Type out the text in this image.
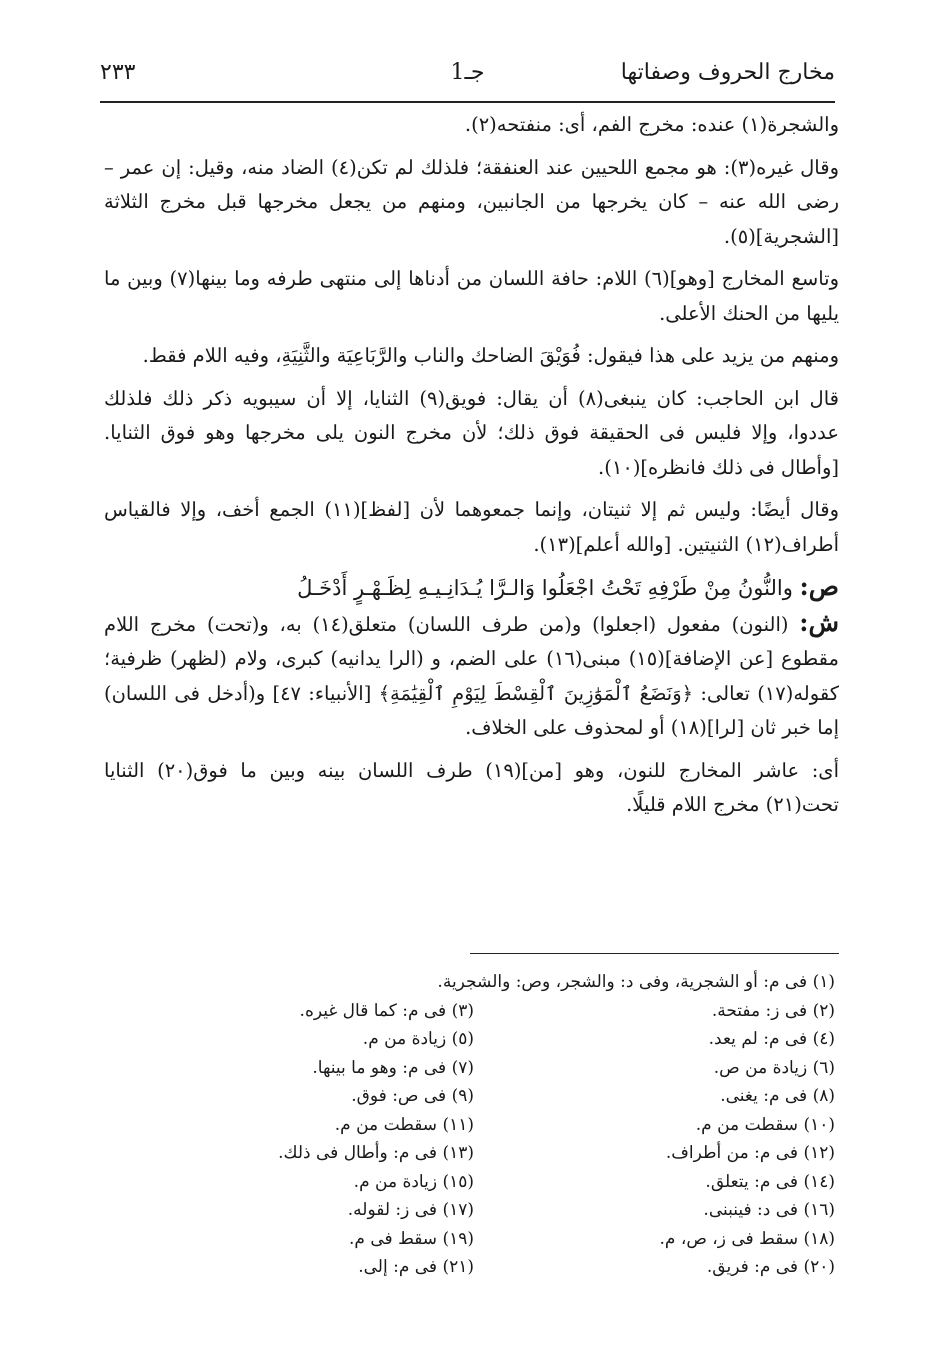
مخارج الحروف وصفاتها
جـ1
٢٣٣

والشجرة(١) عنده: مخرج الفم، أى: منفتحه(٢).

وقال غيره(٣): هو مجمع اللحيين عند العنفقة؛ فلذلك لم تكن(٤) الضاد منه، وقيل: إن عمر – رضى الله عنه – كان يخرجها من الجانبين، ومنهم من يجعل مخرجها قبل مخرج الثلاثة [الشجرية](٥).

وتاسع المخارج [وهو](٦) اللام: حافة اللسان من أدناها إلى منتهى طرفه وما بينها(٧) وبين ما يليها من الحنك الأعلى.

ومنهم من يزيد على هذا فيقول: فُوَيْقَ الضاحك والناب والرَّبَاعِيَة والثَّنِيَةِ، وفيه اللام فقط.

قال ابن الحاجب: كان ينبغى(٨) أن يقال: فويق(٩) الثنايا، إلا أن سيبويه ذكر ذلك فلذلك عددوا، وإلا فليس فى الحقيقة فوق ذلك؛ لأن مخرج النون يلى مخرجها وهو فوق الثنايا. [وأطال فى ذلك فانظره](١٠).

وقال أيضًا: وليس ثم إلا ثنيتان، وإنما جمعوهما لأن [لفظ](١١) الجمع أخف، وإلا فالقياس أطراف(١٢) الثنيتين. [والله أعلم](١٣).

ص: والنُّونُ مِنْ طَرْفِهِ تَحْتُ اجْعَلُوا وَالـرَّا يُـدَانِـيـهِ لِظَـهْـرٍ أَدْخَـلُ

ش: (النون) مفعول (اجعلوا) و(من طرف اللسان) متعلق(١٤) به، و(تحت) مخرج اللام مقطوع [عن الإضافة](١٥) مبنى(١٦) على الضم، و (الرا يدانيه) كبرى، ولام (لظهر) ظرفية؛ كقوله(١٧) تعالى: ﴿وَنَضَعُ ٱلْمَوَٰزِينَ ٱلْقِسْطَ لِيَوْمِ ٱلْقِيَٰمَةِ﴾ [الأنبياء: ٤٧] و(أدخل فى اللسان) إما خبر ثان [لرا](١٨) أو لمحذوف على الخلاف.

أى: عاشر المخارج للنون، وهو [من](١٩) طرف اللسان بينه وبين ما فوق(٢٠) الثنايا تحت(٢١) مخرج اللام قليلًا.

(١) فى م: أو الشجرية، وفى د: والشجر، وص: والشجرية.
(٢) فى ز: مفتحة.
(٣) فى م: كما قال غيره.
(٤) فى م: لم يعد.
(٥) زيادة من م.
(٦) زيادة من ص.
(٧) فى م: وهو ما بينها.
(٨) فى م: يغنى.
(٩) فى ص: فوق.
(١٠) سقطت من م.
(١١) سقطت من م.
(١٢) فى م: من أطراف.
(١٣) فى م: وأطال فى ذلك.
(١٤) فى م: يتعلق.
(١٥) زيادة من م.
(١٦) فى د: فينبنى.
(١٧) فى ز: لقوله.
(١٨) سقط فى ز، ص، م.
(١٩) سقط فى م.
(٢٠) فى م: فريق.
(٢١) فى م: إلى.
